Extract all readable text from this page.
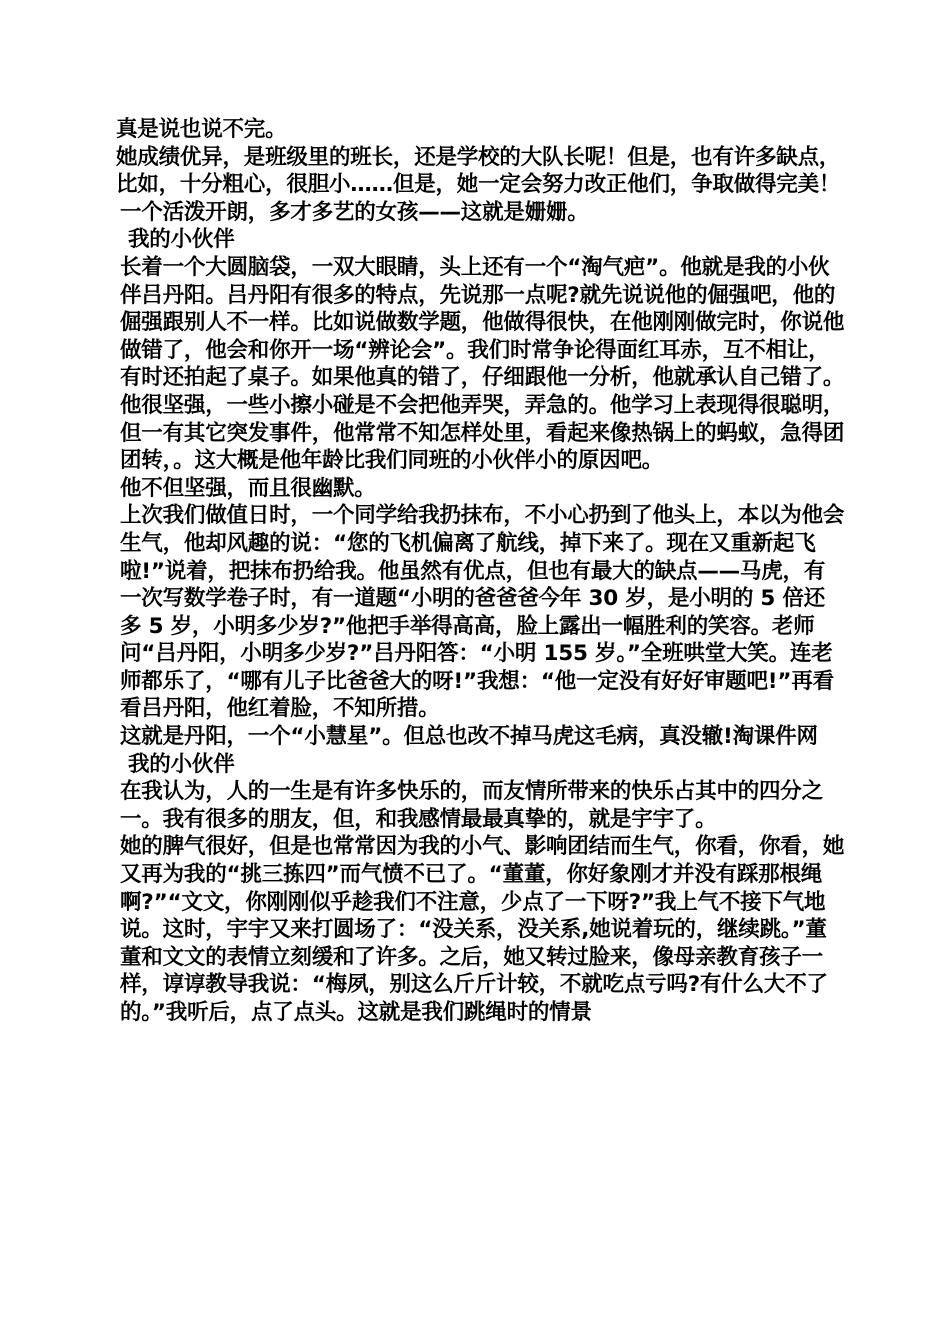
真是说也说不完。

她成绩优异，是班级里的班长，还是学校的大队长呢！但是，也有许多缺点，比如，十分粗心，很胆小……但是，她一定会努力改正他们，争取做得完美！

一个活泼开朗，多才多艺的女孩——这就是姗姗。

我的小伙伴

长着一个大圆脑袋，一双大眼睛，头上还有一个“淘气疤”。他就是我的小伙伴吕丹阳。吕丹阳有很多的特点，先说那一点呢?就先说说他的倔强吧，他的倔强跟别人不一样。比如说做数学题，他做得很快，在他刚刚做完时，你说他做错了，他会和你开一场“辨论会”。我们时常争论得面红耳赤，互不相让，有时还拍起了桌子。如果他真的错了，仔细跟他一分析，他就承认自己错了。

他很坚强，一些小擦小碰是不会把他弄哭，弄急的。他学习上表现得很聪明，但一有其它突发事件，他常常不知怎样处里，看起来像热锅上的蚂蚁，急得团团转，。这大概是他年龄比我们同班的小伙伴小的原因吧。

他不但坚强，而且很幽默。

上次我们做值日时，一个同学给我扔抹布，不小心扔到了他头上，本以为他会生气，他却风趣的说：“您的飞机偏离了航线，掉下来了。现在又重新起飞啦!”说着，把抹布扔给我。他虽然有优点，但也有最大的缺点——马虎，有一次写数学卷子时，有一道题“小明的爸爸爸今年 30 岁，是小明的 5 倍还多 5 岁，小明多少岁?”他把手举得高高，脸上露出一幅胜利的笑容。老师问“吕丹阳，小明多少岁?”吕丹阳答：“小明 155 岁。”全班哄堂大笑。连老师都乐了，“哪有儿子比爸爸大的呀!”我想：“他一定没有好好审题吧!”再看看吕丹阳，他红着脸，不知所措。

这就是丹阳，一个“小慧星”。但总也改不掉马虎这毛病，真没辙!淘课件网

我的小伙伴

在我认为，人的一生是有许多快乐的，而友情所带来的快乐占其中的四分之一。我有很多的朋友，但，和我感情最最真挚的，就是宇宇了。

她的脾气很好，但是也常常因为我的小气、影响团结而生气，你看，你看，她又再为我的“挑三拣四”而气愤不已了。“董董，你好象刚才并没有踩那根绳啊?”“文文，你刚刚似乎趁我们不注意，少点了一下呀?”我上气不接下气地说。这时，宇宇又来打圆场了：“没关系，没关系,她说着玩的，继续跳。”董董和文文的表情立刻缓和了许多。之后，她又转过脸来，像母亲教育孩子一样，谆谆教导我说：“梅夙，别这么斤斤计较，不就吃点亏吗?有什么大不了的。”我听后，点了点头。这就是我们跳绳时的情景
